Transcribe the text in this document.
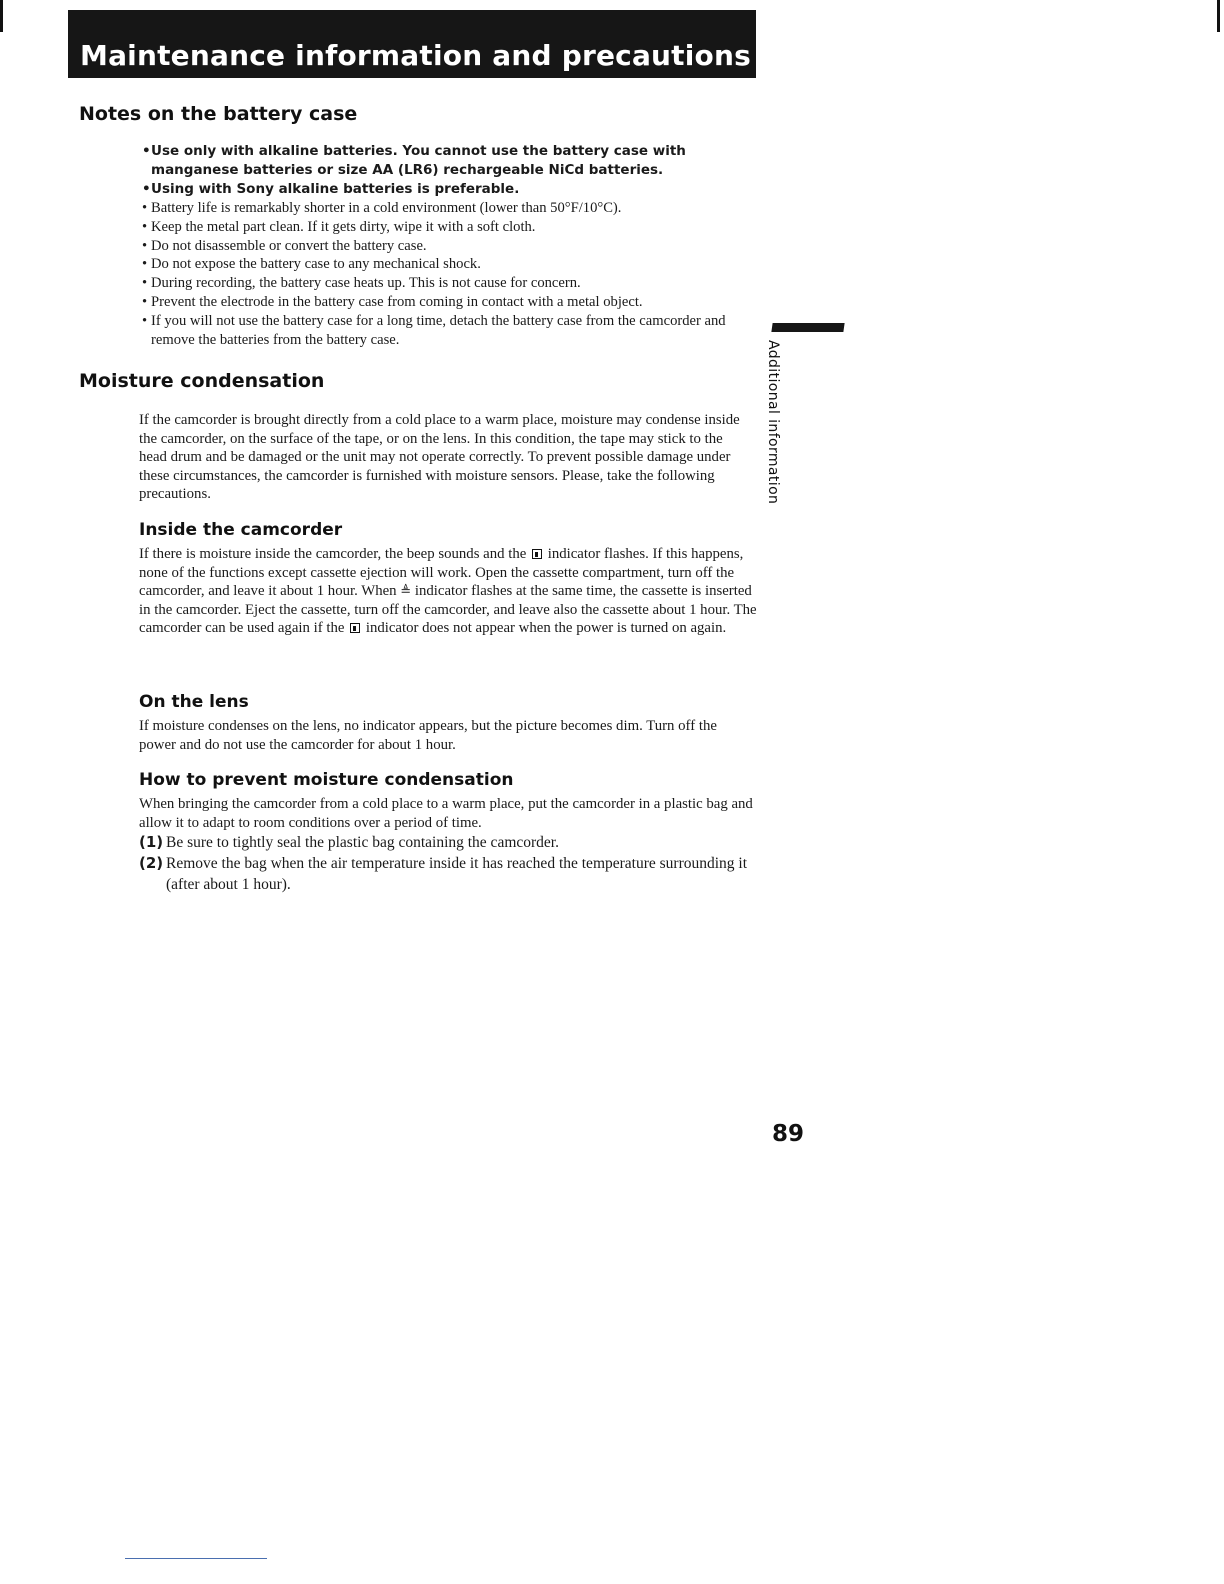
Maintenance information and precautions
Notes on the battery case
• Use only with alkaline batteries. You cannot use the battery case with manganese batteries or size AA (LR6) rechargeable NiCd batteries.
• Using with Sony alkaline batteries is preferable.
• Battery life is remarkably shorter in a cold environment (lower than 50°F/10°C).
• Keep the metal part clean. If it gets dirty, wipe it with a soft cloth.
• Do not disassemble or convert the battery case.
• Do not expose the battery case to any mechanical shock.
• During recording, the battery case heats up. This is not cause for concern.
• Prevent the electrode in the battery case from coming in contact with a metal object.
• If you will not use the battery case for a long time, detach the battery case from the camcorder and remove the batteries from the battery case.
Moisture condensation

If the camcorder is brought directly from a cold place to a warm place, moisture may condense inside the camcorder, on the surface of the tape, or on the lens. In this condition, the tape may stick to the head drum and be damaged or the unit may not operate correctly. To prevent possible damage under these circumstances, the camcorder is furnished with moisture sensors. Please, take the following precautions.

Inside the camcorder

If there is moisture inside the camcorder, the beep sounds and the indicator flashes. If this happens, none of the functions except cassette ejection will work. Open the cassette compartment, turn off the camcorder, and leave it about 1 hour. When ≜ indicator flashes at the same time, the cassette is inserted in the camcorder. Eject the cassette, turn off the camcorder, and leave also the cassette about 1 hour. The camcorder can be used again if the indicator does not appear when the power is turned on again.

On the lens

If moisture condenses on the lens, no indicator appears, but the picture becomes dim. Turn off the power and do not use the camcorder for about 1 hour.

How to prevent moisture condensation

When bringing the camcorder from a cold place to a warm place, put the camcorder in a plastic bag and allow it to adapt to room conditions over a period of time.

(1) Be sure to tightly seal the plastic bag containing the camcorder.
(2) Remove the bag when the air temperature inside it has reached the temperature surrounding it (after about 1 hour).
Additional information
89
